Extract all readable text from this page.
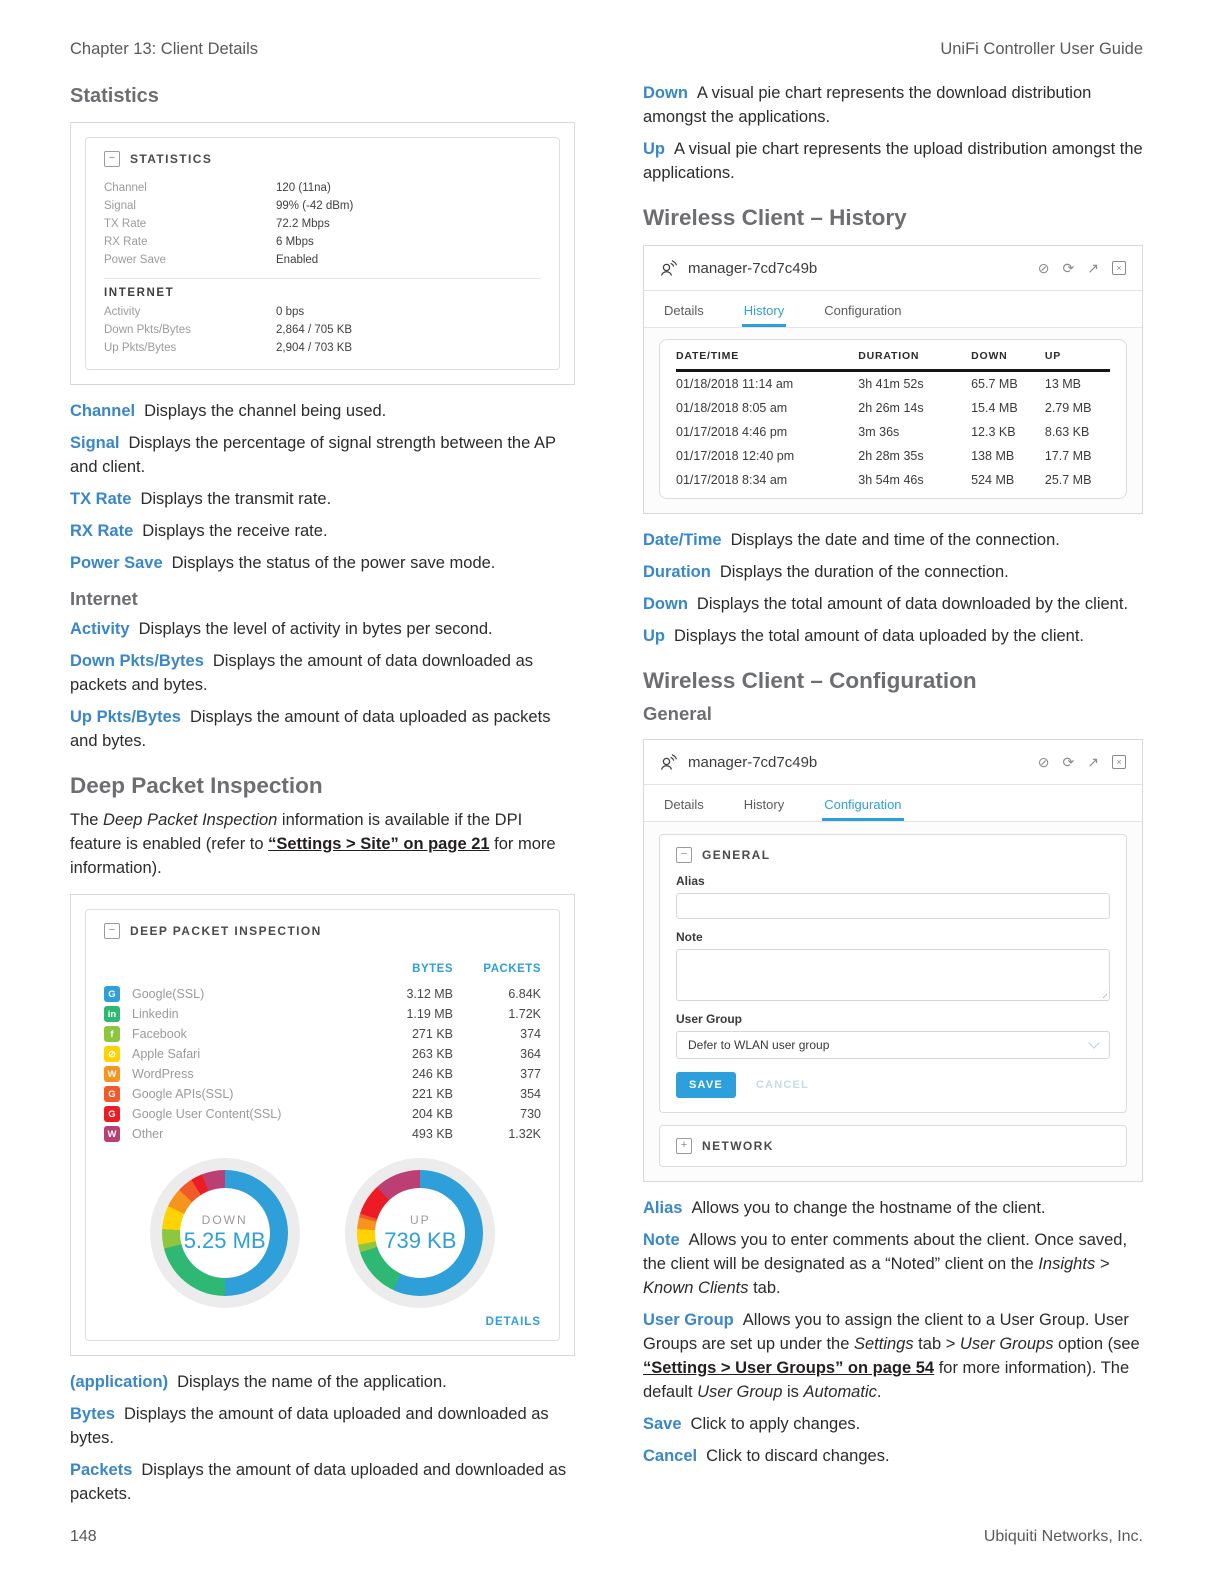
Chapter 13: Client Details	UniFi Controller User Guide
Statistics
−	STATISTICS
Channel	120 (11na)
Signal	99% (-42 dBm)
TX Rate	72.2 Mbps
RX Rate	6 Mbps
Power Save	Enabled
INTERNET
Activity	0 bps
Down Pkts/Bytes	2,864 / 705 KB
Up Pkts/Bytes	2,904 / 703 KB

Channel Displays the channel being used.

Signal Displays the percentage of signal strength between the AP and client.

TX Rate Displays the transmit rate.

RX Rate Displays the receive rate.

Power Save Displays the status of the power save mode.

Internet

Activity Displays the level of activity in bytes per second.

Down Pkts/Bytes Displays the amount of data downloaded as packets and bytes.

Up Pkts/Bytes Displays the amount of data uploaded as packets and bytes.

Deep Packet Inspection

The Deep Packet Inspection information is available if the DPI feature is enabled (refer to “Settings > Site” on page 21 for more information).

−	DEEP PACKET INSPECTION
BYTES	PACKETS
G	Google(SSL)	3.12 MB	6.84K
in	Linkedin	1.19 MB	1.72K
f	Facebook	271 KB	374
⊘	Apple Safari	263 KB	364
W WordPress	246 KB	377
G	Google APIs(SSL)	221 KB	354
G	Google User Content(SSL)	204 KB	730
W Other	493 KB	1.32K
DOWN
5.25 MB
UP
739 KB
DETAILS

(application) Displays the name of the application.

Bytes Displays the amount of data uploaded and downloaded as bytes.

Packets Displays the amount of data uploaded and downloaded as packets.

Down A visual pie chart represents the download distribution amongst the applications.

Up A visual pie chart represents the upload distribution amongst the applications.

Wireless Client – History
manager-7cd7c49b	⊘ ⟳ ↗	×
Details	History	Configuration
DATE/TIME	DURATION	DOWN	UP
01/18/2018 11:14 am	3h 41m 52s	65.7 MB	13 MB
01/18/2018 8:05 am	2h 26m 14s	15.4 MB	2.79 MB
01/17/2018 4:46 pm	3m 36s	12.3 KB	8.63 KB
01/17/2018 12:40 pm	2h 28m 35s	138 MB	17.7 MB
01/17/2018 8:34 am	3h 54m 46s	524 MB	25.7 MB

Date/Time Displays the date and time of the connection.

Duration Displays the duration of the connection.

Down Displays the total amount of data downloaded by the client.

Up Displays the total amount of data uploaded by the client.

Wireless Client – Configuration
General
manager-7cd7c49b	⊘ ⟳ ↗	×
Details	History	Configuration
−	GENERAL
Alias
Note
User Group
Defer to WLAN user group
SAVE	CANCEL
+	NETWORK

Alias Allows you to change the hostname of the client.

Note Allows you to enter comments about the client. Once saved, the client will be designated as a “Noted” client on the Insights > Known Clients tab.

User Group Allows you to assign the client to a User Group. User Groups are set up under the Settings tab > User Groups option (see “Settings > User Groups” on page 54 for more information). The default User Group is Automatic.

Save Click to apply changes.

Cancel Click to discard changes.

148	Ubiquiti Networks, Inc.
